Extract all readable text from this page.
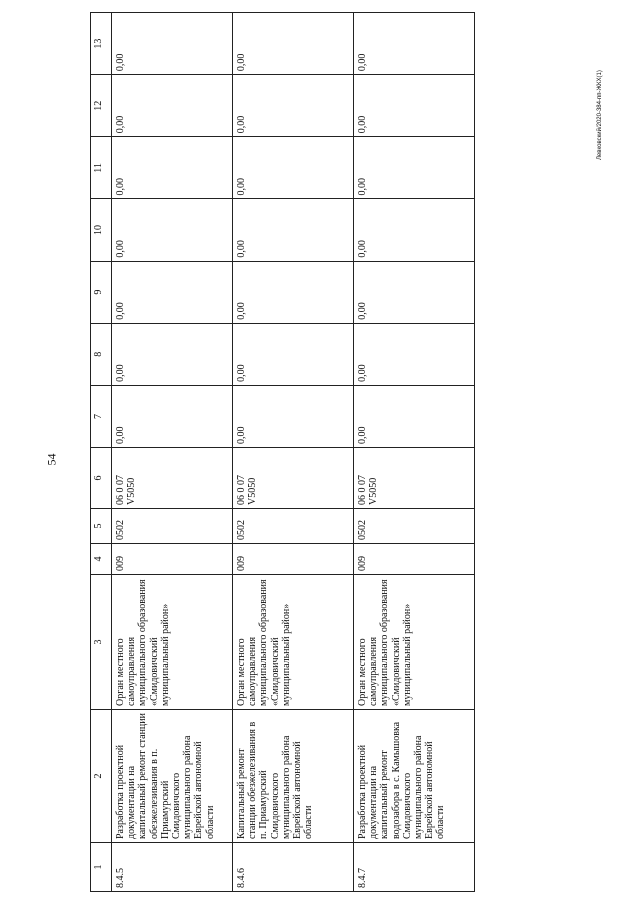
54
Левковский/2020-384-пп-ЖКХ(1)
1	2	3	4	5	6	7	8	9	10	11	12	13
8.4.5	Разработка проектной документации на капитальный ремонт станции обезжелезивания в п. Приамурский Смидовичского муниципального района Еврейской автономной области	Орган местного самоуправления муниципального образования «Смидовичский муниципальный район»	009	0502	06 0 07 V5050	0,00	0,00	0,00	0,00	0,00	0,00	0,00
8.4.6	Капитальный ремонт станции обезжелезивания в п. Приамурский Смидовичского муниципального района Еврейской автономной области	Орган местного самоуправления муниципального образования «Смидовичский муниципальный район»	009	0502	06 0 07 V5050	0,00	0,00	0,00	0,00	0,00	0,00	0,00
8.4.7	Разработка проектной документации на капитальный ремонт водозабора в с. Камышовка Смидовичского муниципального района Еврейской автономной области	Орган местного самоуправления муниципального образования «Смидовичский муниципальный район»	009	0502	06 0 07 V5050	0,00	0,00	0,00	0,00	0,00	0,00	0,00
